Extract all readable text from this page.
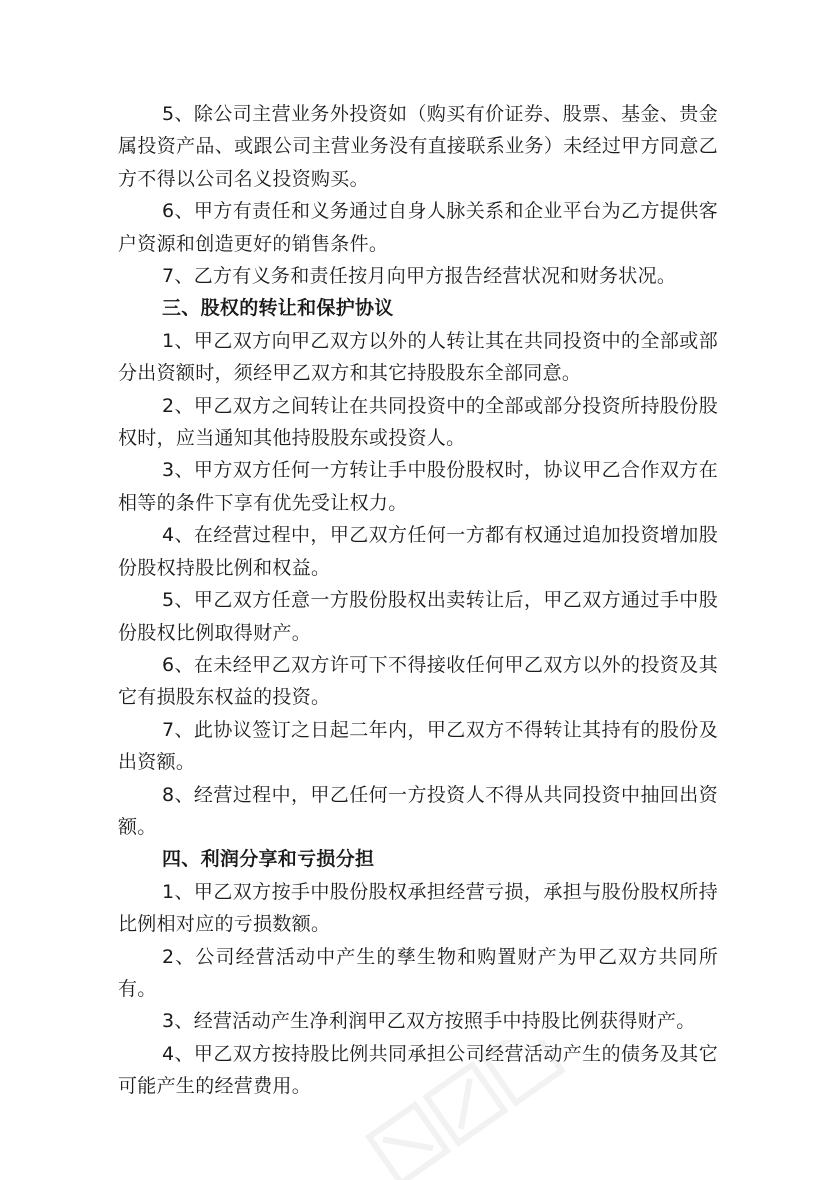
5、除公司主营业务外投资如（购买有价证券、股票、基金、贵金属投资产品、或跟公司主营业务没有直接联系业务）未经过甲方同意乙方不得以公司名义投资购买。

6、甲方有责任和义务通过自身人脉关系和企业平台为乙方提供客户资源和创造更好的销售条件。

7、乙方有义务和责任按月向甲方报告经营状况和财务状况。

三、股权的转让和保护协议

1、甲乙双方向甲乙双方以外的人转让其在共同投资中的全部或部分出资额时，须经甲乙双方和其它持股股东全部同意。

2、甲乙双方之间转让在共同投资中的全部或部分投资所持股份股权时，应当通知其他持股股东或投资人。

3、甲方双方任何一方转让手中股份股权时，协议甲乙合作双方在相等的条件下享有优先受让权力。

4、在经营过程中，甲乙双方任何一方都有权通过追加投资增加股份股权持股比例和权益。

5、甲乙双方任意一方股份股权出卖转让后，甲乙双方通过手中股份股权比例取得财产。

6、在未经甲乙双方许可下不得接收任何甲乙双方以外的投资及其它有损股东权益的投资。

7、此协议签订之日起二年内，甲乙双方不得转让其持有的股份及出资额。

8、经营过程中，甲乙任何一方投资人不得从共同投资中抽回出资额。

四、利润分享和亏损分担

1、甲乙双方按手中股份股权承担经营亏损，承担与股份股权所持比例相对应的亏损数额。

2、公司经营活动中产生的孳生物和购置财产为甲乙双方共同所有。

3、经营活动产生净利润甲乙双方按照手中持股比例获得财产。

4、甲乙双方按持股比例共同承担公司经营活动产生的债务及其它可能产生的经营费用。
